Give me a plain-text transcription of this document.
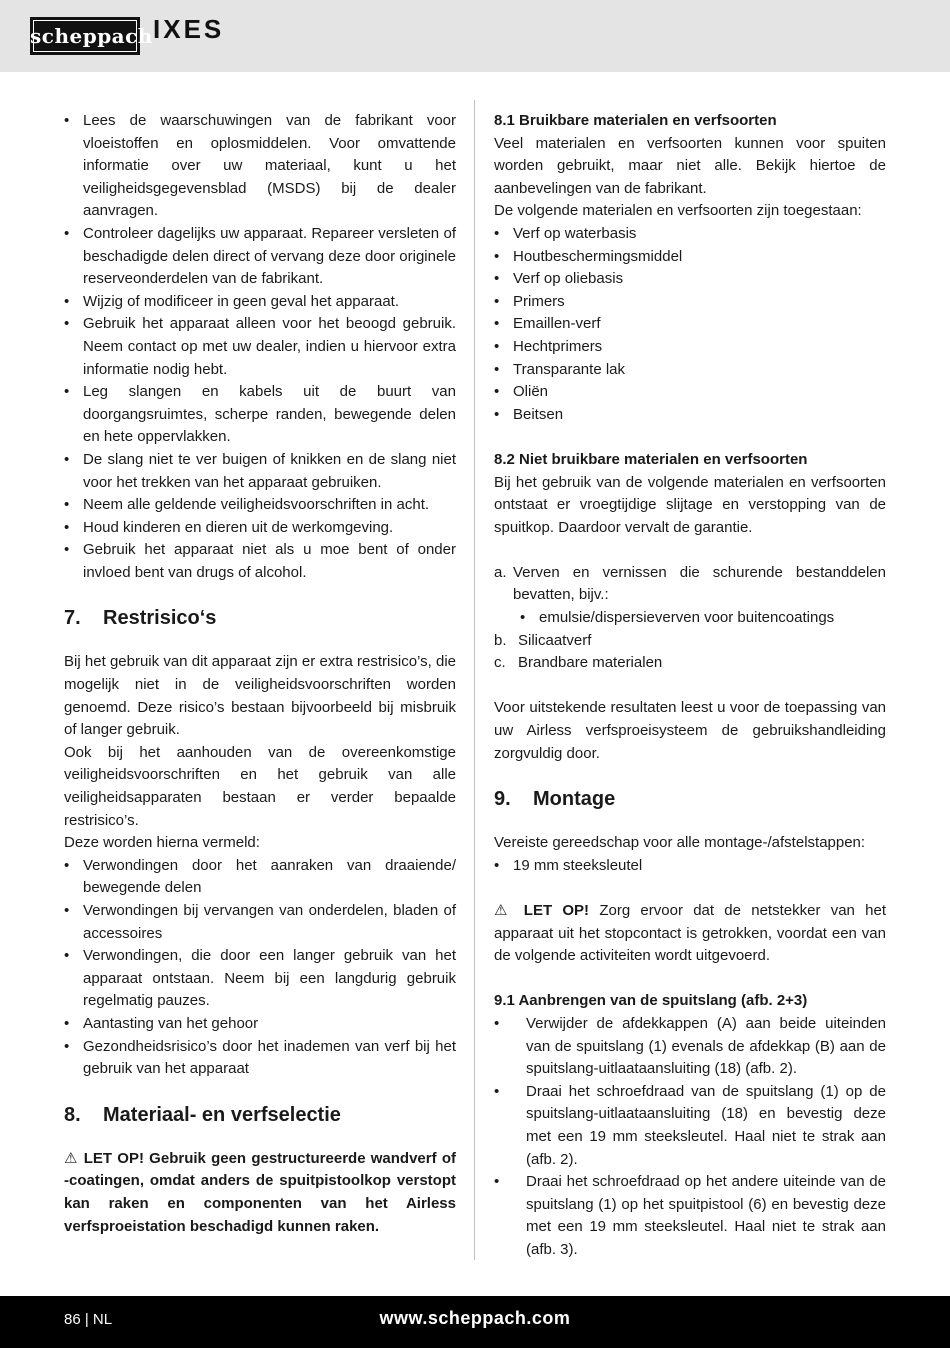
scheppach IXES
• Lees de waarschuwingen van de fabrikant voor vloeistoffen en oplosmiddelen. Voor omvattende informatie over uw materiaal, kunt u het veiligheidsgegevensblad (MSDS) bij de dealer aanvragen.
• Controleer dagelijks uw apparaat. Repareer versleten of beschadigde delen direct of vervang deze door originele reserveonderdelen van de fabrikant.
• Wijzig of modificeer in geen geval het apparaat.
• Gebruik het apparaat alleen voor het beoogd gebruik. Neem contact op met uw dealer, indien u hiervoor extra informatie nodig hebt.
• Leg slangen en kabels uit de buurt van doorgangsruimtes, scherpe randen, bewegende delen en hete oppervlakken.
• De slang niet te ver buigen of knikken en de slang niet voor het trekken van het apparaat gebruiken.
• Neem alle geldende veiligheidsvoorschriften in acht.
• Houd kinderen en dieren uit de werkomgeving.
• Gebruik het apparaat niet als u moe bent of onder invloed bent van drugs of alcohol.
7. Restrisico‘s

Bij het gebruik van dit apparaat zijn er extra restrisico’s, die mogelijk niet in de veiligheidsvoorschriften worden genoemd. Deze risico’s bestaan bijvoorbeeld bij misbruik of langer gebruik.

Ook bij het aanhouden van de overeenkomstige veiligheidsvoorschriften en het gebruik van alle veiligheidsapparaten bestaan er verder bepaalde restrisico’s.

Deze worden hierna vermeld:

• Verwondingen door het aanraken van draaiende/ bewegende delen
• Verwondingen bij vervangen van onderdelen, bladen of accessoires
• Verwondingen, die door een langer gebruik van het apparaat ontstaan. Neem bij een langdurig gebruik regelmatig pauzes.
• Aantasting van het gehoor
• Gezondheidsrisico’s door het inademen van verf bij het gebruik van het apparaat
8. Materiaal- en verfselectie

⚠ LET OP! Gebruik geen gestructureerde wandverf of -coatingen, omdat anders de spuitpistoolkop verstopt kan raken en componenten van het Airless verfsproeistation beschadigd kunnen raken.

8.1 Bruikbare materialen en verfsoorten

Veel materialen en verfsoorten kunnen voor spuiten worden gebruikt, maar niet alle. Bekijk hiertoe de aanbevelingen van de fabrikant.

De volgende materialen en verfsoorten zijn toegestaan:

• Verf op waterbasis
• Houtbeschermingsmiddel
• Verf op oliebasis
• Primers
• Emaillen-verf
• Hechtprimers
• Transparante lak
• Oliën
• Beitsen

8.2 Niet bruikbare materialen en verfsoorten

Bij het gebruik van de volgende materialen en verfsoorten ontstaat er vroegtijdige slijtage en verstopping van de spuitkop. Daardoor vervalt de garantie.

a. Verven en vernissen die schurende bestanddelen bevatten, bijv.:
• emulsie/dispersieverven voor buitencoatings
b. Silicaatverf
c. Brandbare materialen

Voor uitstekende resultaten leest u voor de toepassing van uw Airless verfsproeisysteem de gebruikshandleiding zorgvuldig door.

9. Montage

Vereiste gereedschap voor alle montage-/afstelstappen:

• 19 mm steeksleutel

⚠ LET OP! Zorg ervoor dat de netstekker van het apparaat uit het stopcontact is getrokken, voordat een van de volgende activiteiten wordt uitgevoerd.

9.1 Aanbrengen van de spuitslang (afb. 2+3)

• Verwijder de afdekkappen (A) aan beide uiteinden van de spuitslang (1) evenals de afdekkap (B) aan de spuitslang-uitlaataansluiting (18) (afb. 2).
• Draai het schroefdraad van de spuitslang (1) op de spuitslang-uitlaataansluiting (18) en bevestig deze met een 19 mm steeksleutel. Haal niet te strak aan (afb. 2).
• Draai het schroefdraad op het andere uiteinde van de spuitslang (1) op het spuitpistool (6) en bevestig deze met een 19 mm steeksleutel. Haal niet te strak aan (afb. 3).
86 | NL	www.scheppach.com
